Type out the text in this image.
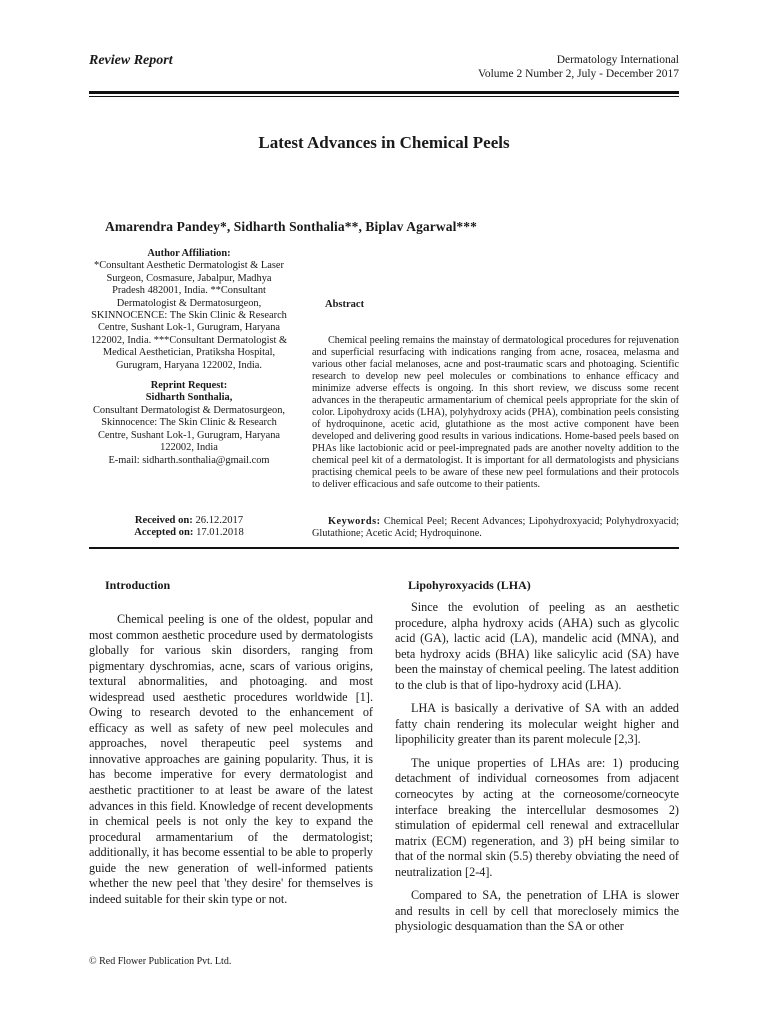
Review Report	Dermatology International
Volume 2 Number 2, July - December 2017
Latest Advances in Chemical Peels
Amarendra Pandey*, Sidharth Sonthalia**, Biplav Agarwal***
Author Affiliation:
*Consultant Aesthetic Dermatologist & Laser Surgeon, Cosmasure, Jabalpur, Madhya Pradesh 482001, India. **Consultant Dermatologist & Dermatosurgeon, SKINNOCENCE: The Skin Clinic & Research Centre, Sushant Lok-1, Gurugram, Haryana 122002, India. ***Consultant Dermatologist & Medical Aesthetician, Pratiksha Hospital, Gurugram, Haryana 122002, India.
Reprint Request:
Sidharth Sonthalia,
Consultant Dermatologist & Dermatosurgeon, Skinnocence: The Skin Clinic & Research Centre, Sushant Lok-1, Gurugram, Haryana 122002, India
E-mail: sidharth.sonthalia@gmail.com
Received on: 26.12.2017
Accepted on: 17.01.2018
Abstract
Chemical peeling remains the mainstay of dermatological procedures for rejuvenation and superficial resurfacing with indications ranging from acne, rosacea, melasma and various other facial melanoses, acne and post-traumatic scars and photoaging. Scientific research to develop new peel molecules or combinations to enhance efficacy and minimize adverse effects is ongoing. In this short review, we discuss some recent advances in the therapeutic armamentarium of chemical peels appropriate for the skin of color. Lipohydroxy acids (LHA), polyhydroxy acids (PHA), combination peels consisting of hydroquinone, acetic acid, glutathione as the most active component have been developed and delivering good results in various indications. Home-based peels based on PHAs like lactobionic acid or peel-impregnated pads are another novelty addition to the chemical peel kit of a dermatologist. It is important for all dermatologists and physicians practising chemical peels to be aware of these new peel formulations and their protocols to deliver efficacious and safe outcome to their patients.
Keywords: Chemical Peel; Recent Advances; Lipohydroxyacid; Polyhydroxyacid; Glutathione; Acetic Acid; Hydroquinone.
Introduction
Chemical peeling is one of the oldest, popular and most common aesthetic procedure used by dermatologists globally for various skin disorders, ranging from pigmentary dyschromias, acne, scars of various origins, textural abnormalities, and photoaging. and most widespread used aesthetic procedures worldwide [1]. Owing to research devoted to the enhancement of efficacy as well as safety of new peel molecules and approaches, novel therapeutic peel systems and innovative approaches are gaining popularity. Thus, it is has become imperative for every dermatologist and aesthetic practitioner to at least be aware of the latest advances in this field. Knowledge of recent developments in chemical peels is not only the key to expand the procedural armamentarium of the dermatologist; additionally, it has become essential to be able to properly guide the new generation of well-informed patients whether the new peel that 'they desire' for themselves is indeed suitable for their skin type or not.
Lipohyroxyacids (LHA)

Since the evolution of peeling as an aesthetic procedure, alpha hydroxy acids (AHA) such as glycolic acid (GA), lactic acid (LA), mandelic acid (MNA), and beta hydroxy acids (BHA) like salicylic acid (SA) have been the mainstay of chemical peeling. The latest addition to the club is that of lipo-hydroxy acid (LHA).

LHA is basically a derivative of SA with an added fatty chain rendering its molecular weight higher and lipophilicity greater than its parent molecule [2,3].

The unique properties of LHAs are: 1) producing detachment of individual corneosomes from adjacent corneocytes by acting at the corneosome/corneocyte interface breaking the intercellular desmosomes 2) stimulation of epidermal cell renewal and extracellular matrix (ECM) regeneration, and 3) pH being similar to that of the normal skin (5.5) thereby obviating the need of neutralization [2-4].

Compared to SA, the penetration of LHA is slower and results in cell by cell that moreclosely mimics the physiologic desquamation than the SA or other

© Red Flower Publication Pvt. Ltd.
